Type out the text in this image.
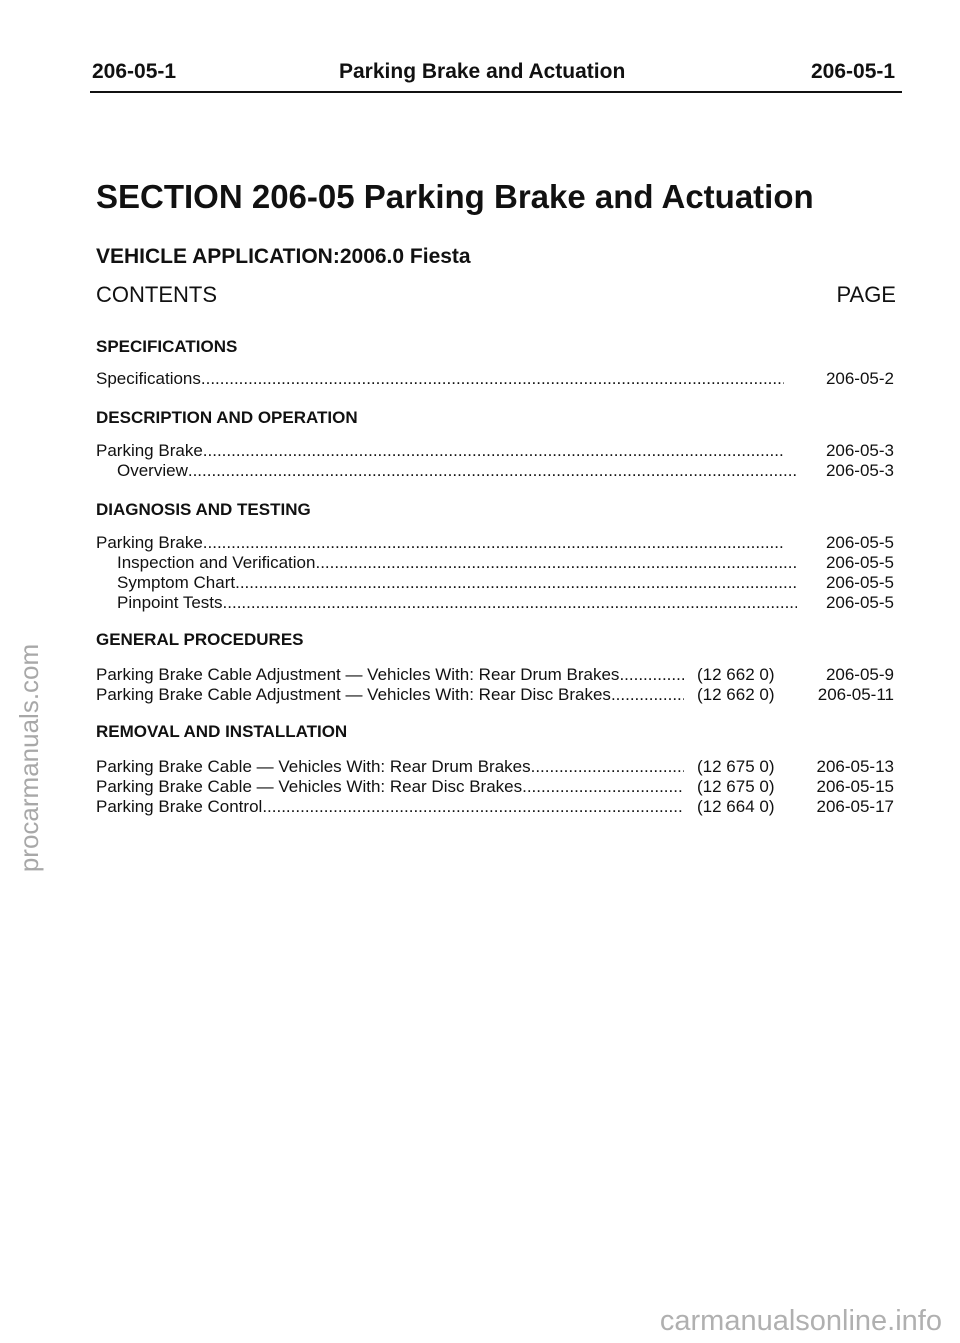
206-05-1	Parking Brake and Actuation	206-05-1
SECTION 206-05 Parking Brake and Actuation
VEHICLE APPLICATION:2006.0 Fiesta
CONTENTS	PAGE
SPECIFICATIONS
Specifications .....	206-05-2
DESCRIPTION AND OPERATION
Parking Brake .....	206-05-3
Overview .....	206-05-3
DIAGNOSIS AND TESTING
Parking Brake .....	206-05-5
Inspection and Verification .....	206-05-5
Symptom Chart .....	206-05-5
Pinpoint Tests .....	206-05-5
GENERAL PROCEDURES
Parking Brake Cable Adjustment — Vehicles With: Rear Drum Brakes .....	(12 662 0)	206-05-9
Parking Brake Cable Adjustment — Vehicles With: Rear Disc Brakes .....	(12 662 0)	206-05-11
REMOVAL AND INSTALLATION
Parking Brake Cable — Vehicles With: Rear Drum Brakes .....	(12 675 0) 206-05-13
Parking Brake Cable — Vehicles With: Rear Disc Brakes .....	(12 675 0) 206-05-15
Parking Brake Control .....	(12 664 0) 206-05-17
procarmanuals.com
carmanualsonline.info
